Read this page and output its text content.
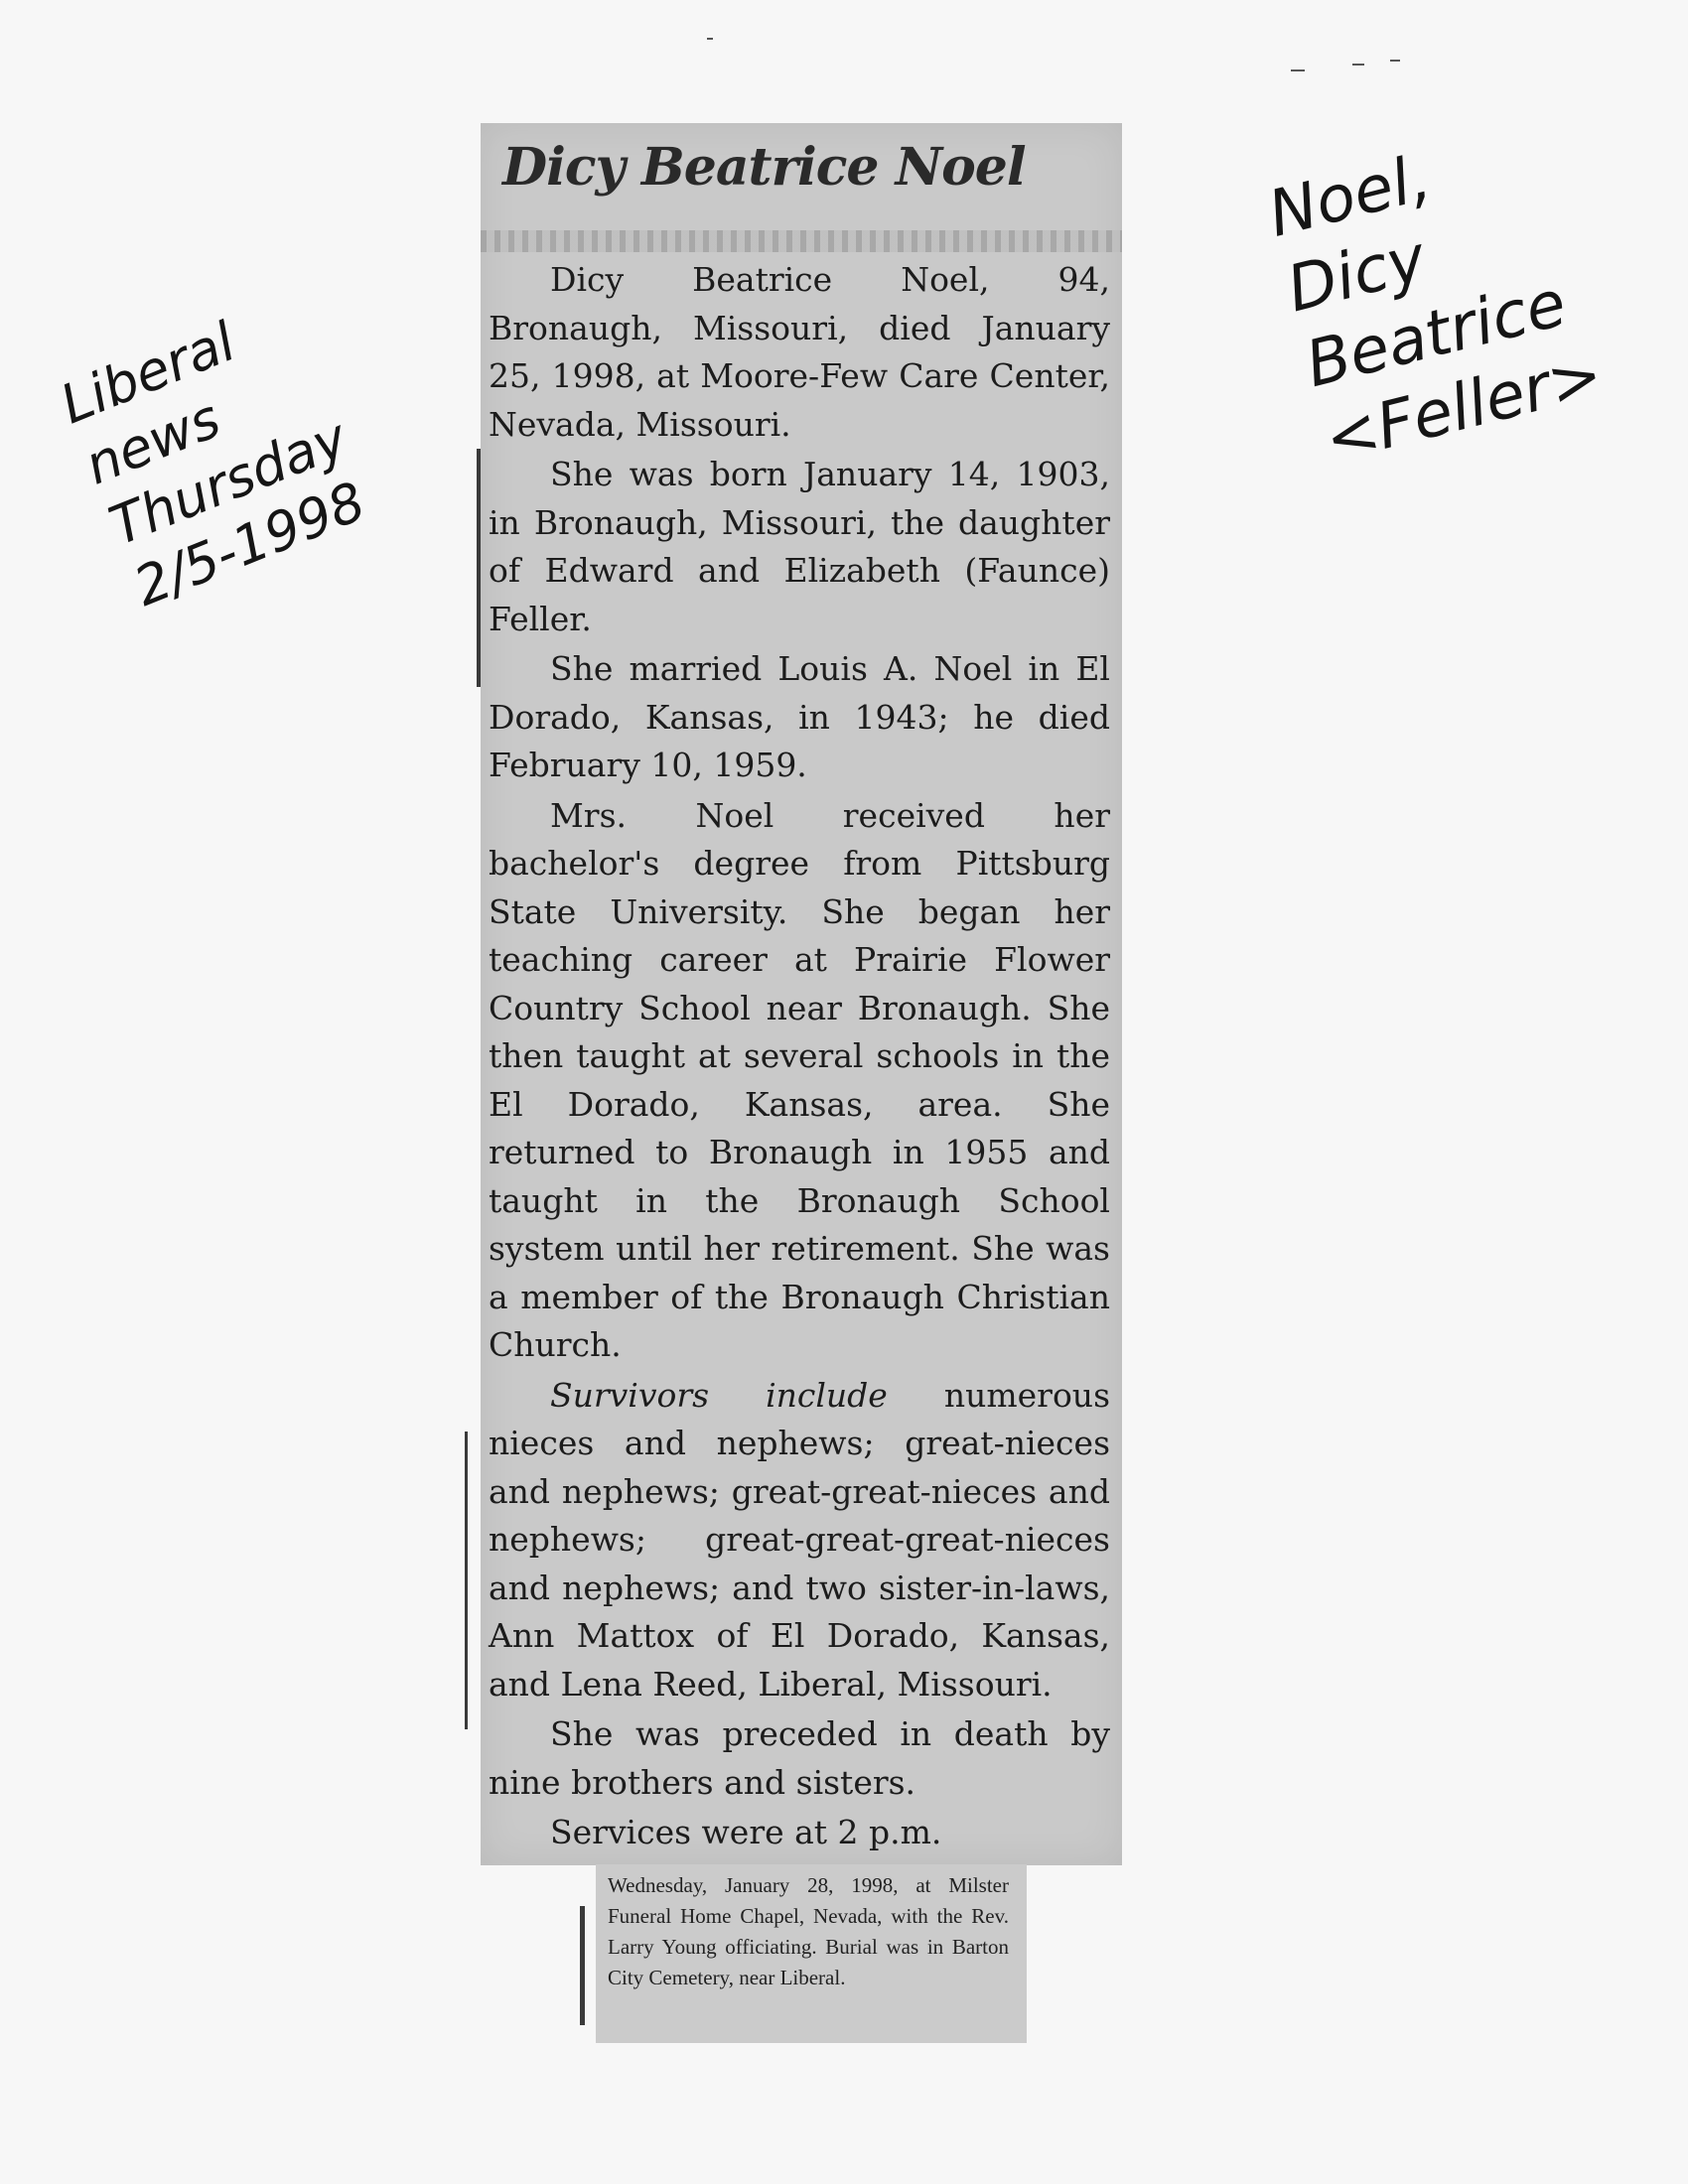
Dicy Beatrice Noel

Dicy Beatrice Noel, 94, Bronaugh, Missouri, died January 25, 1998, at Moore-Few Care Center, Nevada, Missouri.

She was born January 14, 1903, in Bronaugh, Missouri, the daughter of Edward and Elizabeth (Faunce) Feller.

She married Louis A. Noel in El Dorado, Kansas, in 1943; he died February 10, 1959.

Mrs. Noel received her bachelor's degree from Pittsburg State University. She began her teaching career at Prairie Flower Country School near Bronaugh. She then taught at several schools in the El Dorado, Kansas, area. She returned to Bronaugh in 1955 and taught in the Bronaugh School system until her retirement. She was a member of the Bronaugh Christian Church.

Survivors include numerous nieces and nephews; great-nieces and nephews; great-great-nieces and nephews; great-great-great-nieces and nephews; and two sister-in-laws, Ann Mattox of El Dorado, Kansas, and Lena Reed, Liberal, Missouri.

She was preceded in death by nine brothers and sisters.

Services were at 2 p.m.

Wednesday, January 28, 1998, at Milster Funeral Home Chapel, Nevada, with the Rev. Larry Young officiating. Burial was in Barton City Cemetery, near Liberal.

Liberal
news
Thursday
2/5-1998

Noel,
Dicy
Beatrice
<Feller>
